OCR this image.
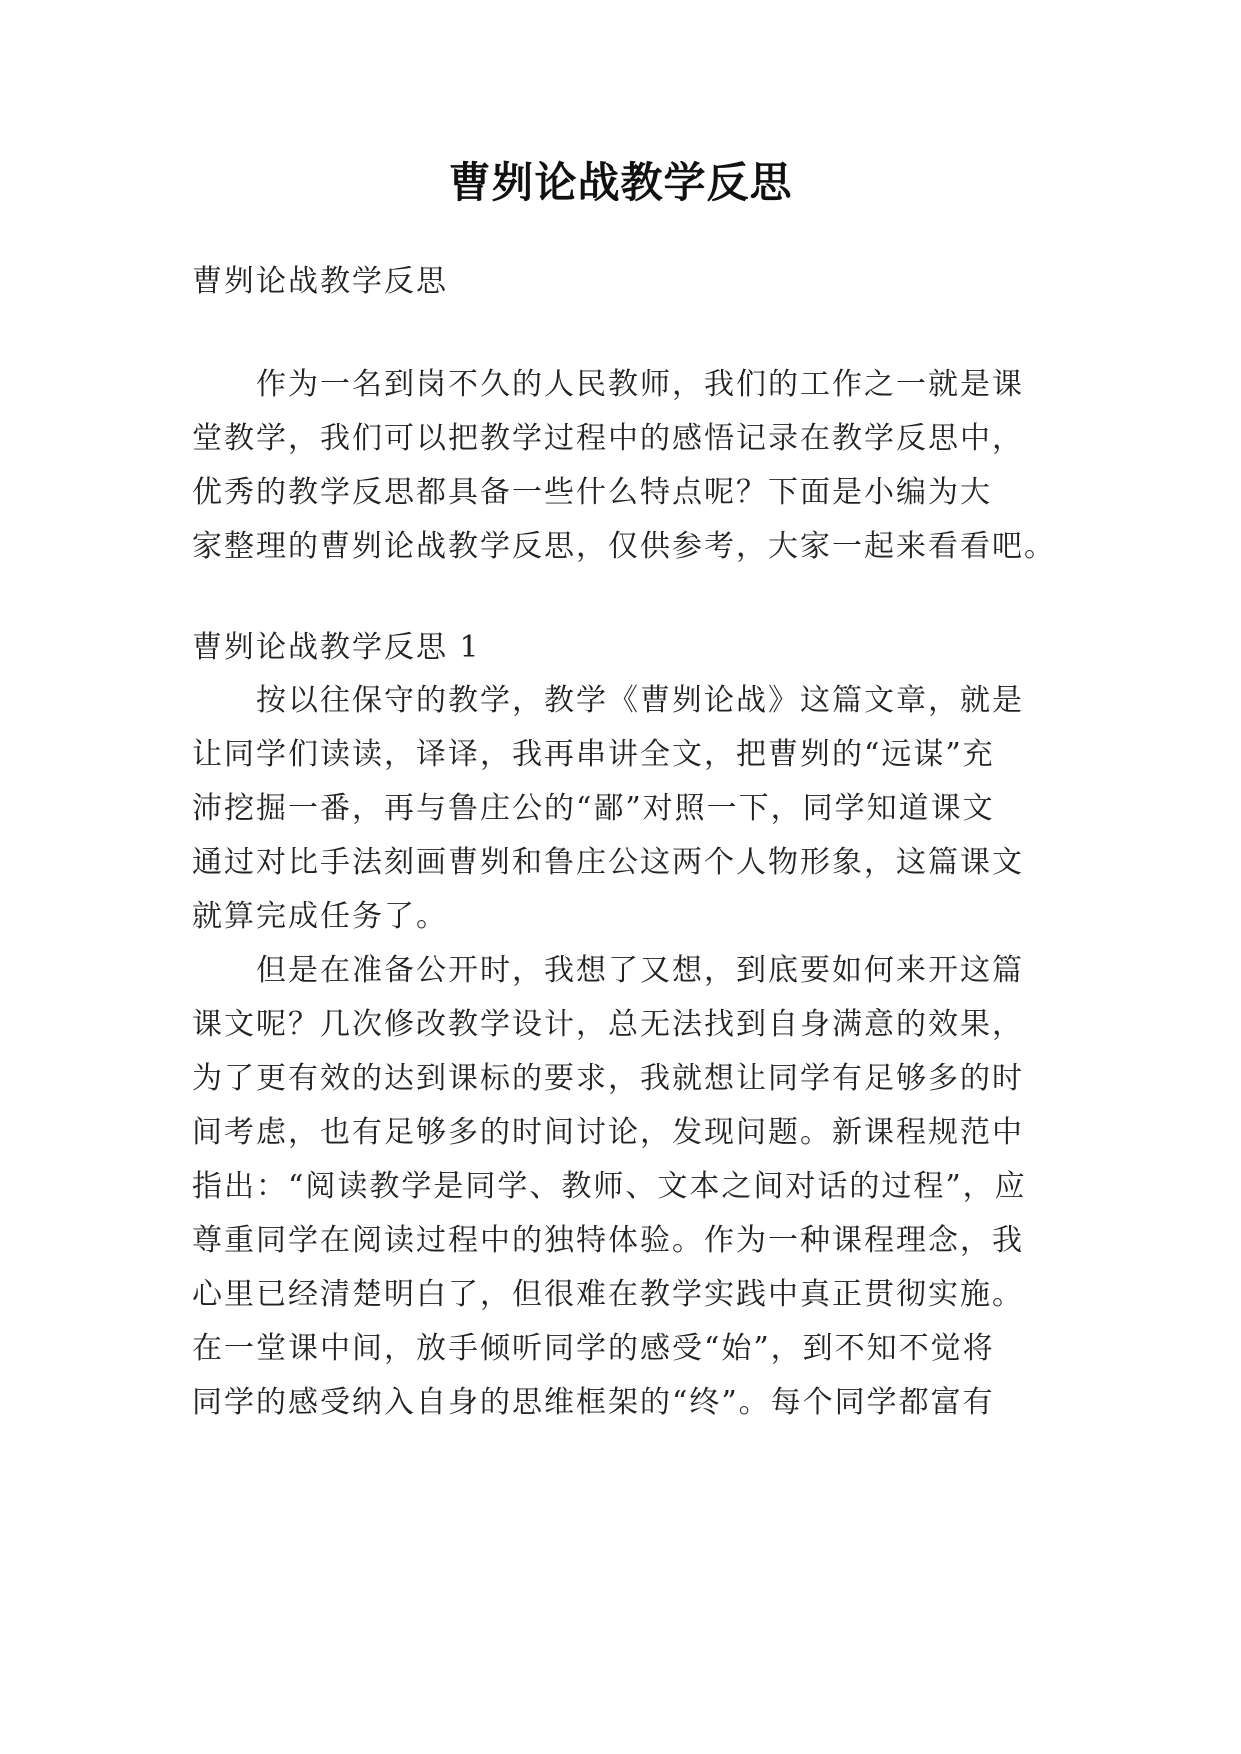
曹刿论战教学反思

曹刿论战教学反思

作为一名到岗不久的人民教师，我们的工作之一就是课

堂教学，我们可以把教学过程中的感悟记录在教学反思中，

优秀的教学反思都具备一些什么特点呢？下面是小编为大

家整理的曹刿论战教学反思，仅供参考，大家一起来看看吧。

曹刿论战教学反思 1

按以往保守的教学，教学《曹刿论战》这篇文章，就是

让同学们读读，译译，我再串讲全文，把曹刿的“远谋”充

沛挖掘一番，再与鲁庄公的“鄙”对照一下，同学知道课文

通过对比手法刻画曹刿和鲁庄公这两个人物形象，这篇课文

就算完成任务了。

但是在准备公开时，我想了又想，到底要如何来开这篇

课文呢？几次修改教学设计，总无法找到自身满意的效果，

为了更有效的达到课标的要求，我就想让同学有足够多的时

间考虑，也有足够多的时间讨论，发现问题。新课程规范中

指出：“阅读教学是同学、教师、文本之间对话的过程”，应

尊重同学在阅读过程中的独特体验。作为一种课程理念，我

心里已经清楚明白了，但很难在教学实践中真正贯彻实施。

在一堂课中间，放手倾听同学的感受“始”，到不知不觉将

同学的感受纳入自身的思维框架的“终”。每个同学都富有
